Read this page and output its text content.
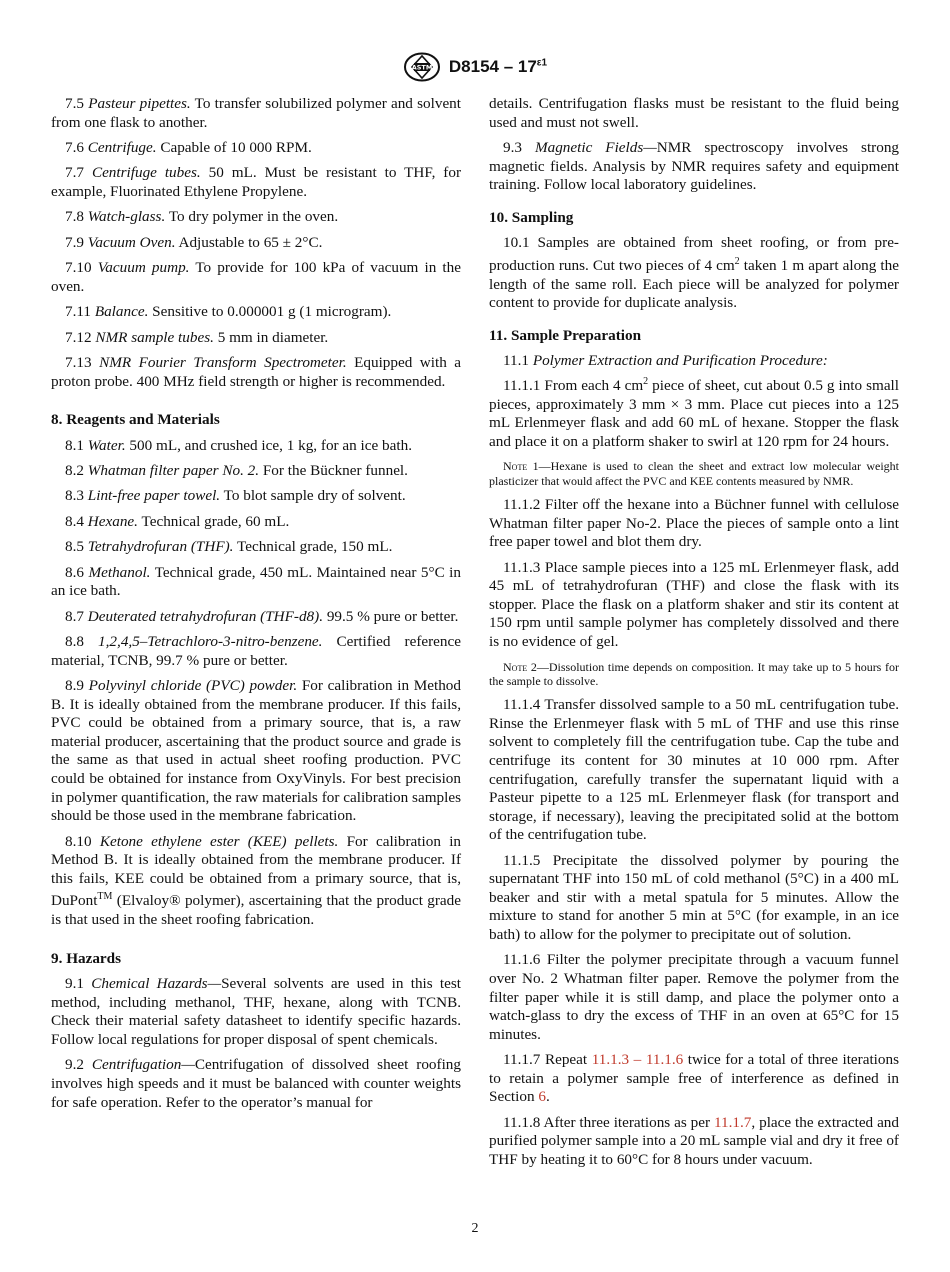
ASTM $D8154 - 17^{\varepsilon 1}$

7.5 Pasteur pipettes. To transfer solubilized polymer and solvent from one flask to another.

7.6 Centrifuge. Capable of 10 000 RPM.

7.7 Centrifuge tubes. 50 mL. Must be resistant to THF, for example, Fluorinated Ethylene Propylene.

7.8 Watch-glass. To dry polymer in the oven.

7.9 Vacuum Oven. Adjustable to 65 ± 2°C.

7.10 Vacuum pump. To provide for 100 kPa of vacuum in the oven.

7.11 Balance. Sensitive to 0.000001 g (1 microgram).

7.12 NMR sample tubes. 5 mm in diameter.

7.13 NMR Fourier Transform Spectrometer. Equipped with a proton probe. 400 MHz field strength or higher is recommended.

8. Reagents and Materials

8.1 Water. 500 mL, and crushed ice, 1 kg, for an ice bath.

8.2 Whatman filter paper No. 2. For the Bückner funnel.

8.3 Lint-free paper towel. To blot sample dry of solvent.

8.4 Hexane. Technical grade, 60 mL.

8.5 Tetrahydrofuran (THF). Technical grade, 150 mL.

8.6 Methanol. Technical grade, 450 mL. Maintained near 5°C in an ice bath.

8.7 Deuterated tetrahydrofuran (THF-d8). 99.5 % pure or better.

8.8 1,2,4,5–Tetrachloro-3-nitro-benzene. Certified reference material, TCNB, 99.7 % pure or better.

8.9 Polyvinyl chloride (PVC) powder. For calibration in Method B. It is ideally obtained from the membrane producer. If this fails, PVC could be obtained from a primary source, that is, a raw material producer, ascertaining that the product source and grade is the same as that used in actual sheet roofing production. PVC could be obtained for instance from OxyVinyls. For best precision in polymer quantification, the raw materials for calibration samples should be those used in the membrane fabrication.

8.10 Ketone ethylene ester (KEE) pellets. For calibration in Method B. It is ideally obtained from the membrane producer. If this fails, KEE could be obtained from a primary source, that is, DuPont™ (Elvaloy® polymer), ascertaining that the product grade is that used in the sheet roofing fabrication.

9. Hazards

9.1 Chemical Hazards—Several solvents are used in this test method, including methanol, THF, hexane, along with TCNB. Check their material safety datasheet to identify specific hazards. Follow local regulations for proper disposal of spent chemicals.

9.2 Centrifugation—Centrifugation of dissolved sheet roofing involves high speeds and it must be balanced with counter weights for safe operation. Refer to the operator’s manual for

details. Centrifugation flasks must be resistant to the fluid being used and must not swell.

9.3 Magnetic Fields—NMR spectroscopy involves strong magnetic fields. Analysis by NMR requires safety and equipment training. Follow local laboratory guidelines.

10. Sampling

10.1 Samples are obtained from sheet roofing, or from pre-production runs. Cut two pieces of 4 $cm^2$ taken 1 m apart along the length of the same roll. Each piece will be analyzed for polymer content to provide for duplicate analysis.

11. Sample Preparation

11.1 Polymer Extraction and Purification Procedure:

11.1.1 From each 4 $cm^2$ piece of sheet, cut about 0.5 g into small pieces, approximately 3 mm × 3 mm. Place cut pieces into a 125 mL Erlenmeyer flask and add 60 mL of hexane. Stopper the flask and place it on a platform shaker to swirl at 120 rpm for 24 hours.

Note 1—Hexane is used to clean the sheet and extract low molecular weight plasticizer that would affect the PVC and KEE contents measured by NMR.

11.1.2 Filter off the hexane into a Büchner funnel with cellulose Whatman filter paper No-2. Place the pieces of sample onto a lint free paper towel and blot them dry.

11.1.3 Place sample pieces into a 125 mL Erlenmeyer flask, add 45 mL of tetrahydrofuran (THF) and close the flask with its stopper. Place the flask on a platform shaker and stir its content at 150 rpm until sample polymer has completely dissolved and there is no evidence of gel.

Note 2—Dissolution time depends on composition. It may take up to 5 hours for the sample to dissolve.

11.1.4 Transfer dissolved sample to a 50 mL centrifugation tube. Rinse the Erlenmeyer flask with 5 mL of THF and use this rinse solvent to completely fill the centrifugation tube. Cap the tube and centrifuge its content for 30 minutes at 10 000 rpm. After centrifugation, carefully transfer the supernatant liquid with a Pasteur pipette to a 125 mL Erlenmeyer flask (for transport and storage, if necessary), leaving the precipitated solid at the bottom of the centrifugation tube.

11.1.5 Precipitate the dissolved polymer by pouring the supernatant THF into 150 mL of cold methanol (5°C) in a 400 mL beaker and stir with a metal spatula for 5 minutes. Allow the mixture to stand for another 5 min at 5°C (for example, in an ice bath) to allow for the polymer to precipitate out of solution.

11.1.6 Filter the polymer precipitate through a vacuum funnel over No. 2 Whatman filter paper. Remove the polymer from the filter paper while it is still damp, and place the polymer onto a watch-glass to dry the excess of THF in an oven at 65°C for 15 minutes.

11.1.7 Repeat 11.1.3 – 11.1.6 twice for a total of three iterations to retain a polymer sample free of interference as defined in Section 6.

11.1.8 After three iterations as per 11.1.7, place the extracted and purified polymer sample into a 20 mL sample vial and dry it free of THF by heating it to 60°C for 8 hours under vacuum.

2
